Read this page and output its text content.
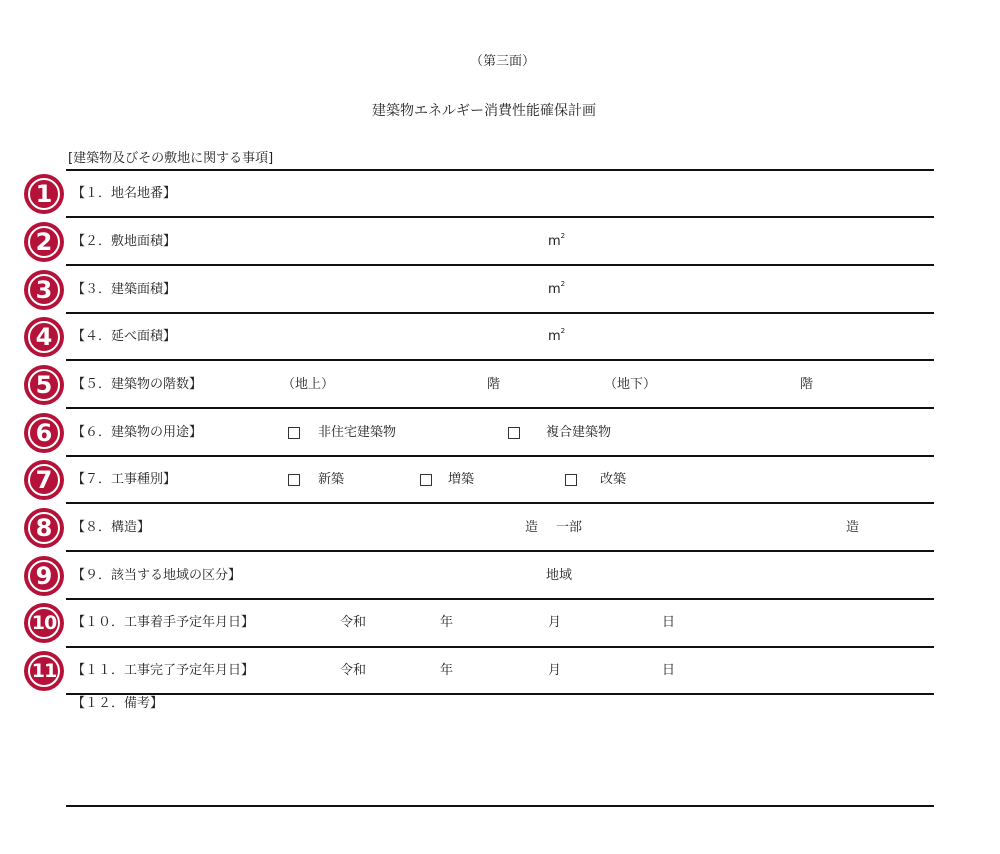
（第三面）
建築物エネルギー消費性能確保計画
[建築物及びその敷地に関する事項]
1
2
3
4
5
6
7
8
9
10
11
【１．地名地番】
【２．敷地面積】	$m^2$
【３．建築面積】	$m^2$
【４．延べ面積】	$m^2$
【５．建築物の階数】	（地上）	階	（地下）	階
【６．建築物の用途】	非住宅建築物	複合建築物
【７．工事種別】	新築	増築	改築
【８．構造】	造 一部	造
【９．該当する地域の区分】	地域
【１０．工事着手予定年月日】	令和	年	月	日
【１１．工事完了予定年月日】	令和	年	月	日
【１２．備考】
